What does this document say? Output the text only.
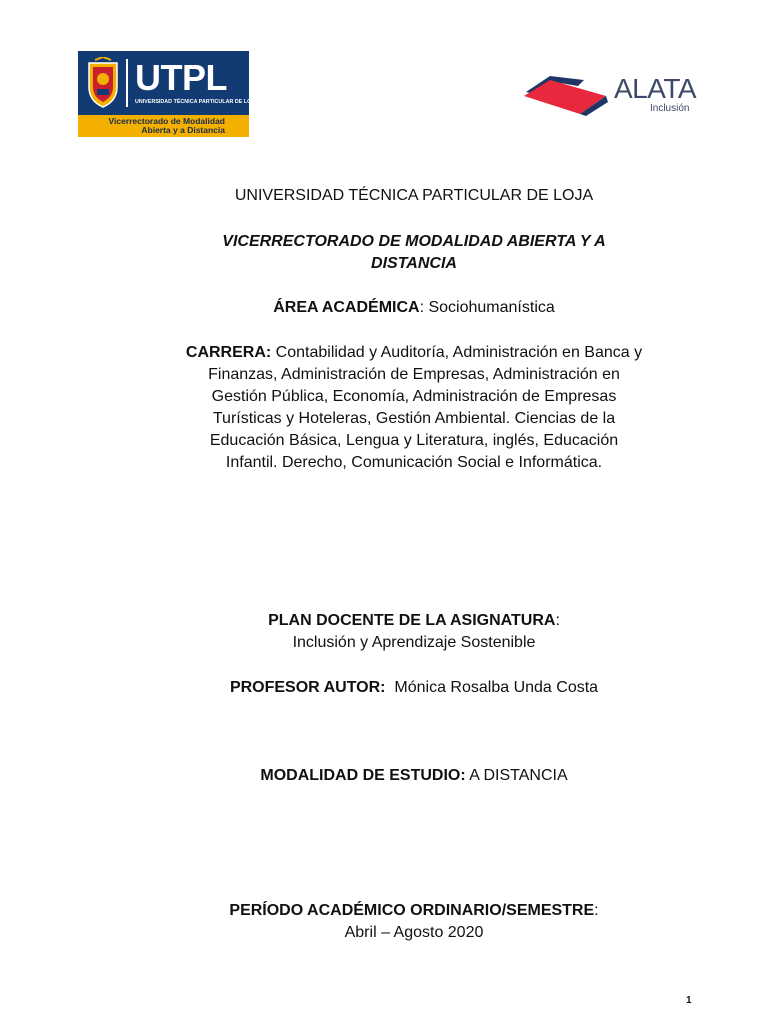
UTPL
UNIVERSIDAD TÉCNICA PARTICULAR DE LOJA
Vicerrectorado de Modalidad
Abierta y a Distancia
ALATA
Inclusión
UNIVERSIDAD TÉCNICA PARTICULAR DE LOJA
VICERRECTORADO DE MODALIDAD ABIERTA Y A
DISTANCIA
ÁREA ACADÉMICA: Sociohumanística
CARRERA: Contabilidad y Auditoría, Administración en Banca y
Finanzas, Administración de Empresas, Administración en
Gestión Pública, Economía, Administración de Empresas
Turísticas y Hoteleras, Gestión Ambiental. Ciencias de la
Educación Básica, Lengua y Literatura, inglés, Educación
Infantil. Derecho, Comunicación Social e Informática.
PLAN DOCENTE DE LA ASIGNATURA:
Inclusión y Aprendizaje Sostenible
PROFESOR AUTOR:  Mónica Rosalba Unda Costa
MODALIDAD DE ESTUDIO: A DISTANCIA
PERÍODO ACADÉMICO ORDINARIO/SEMESTRE:
Abril – Agosto 2020
1
